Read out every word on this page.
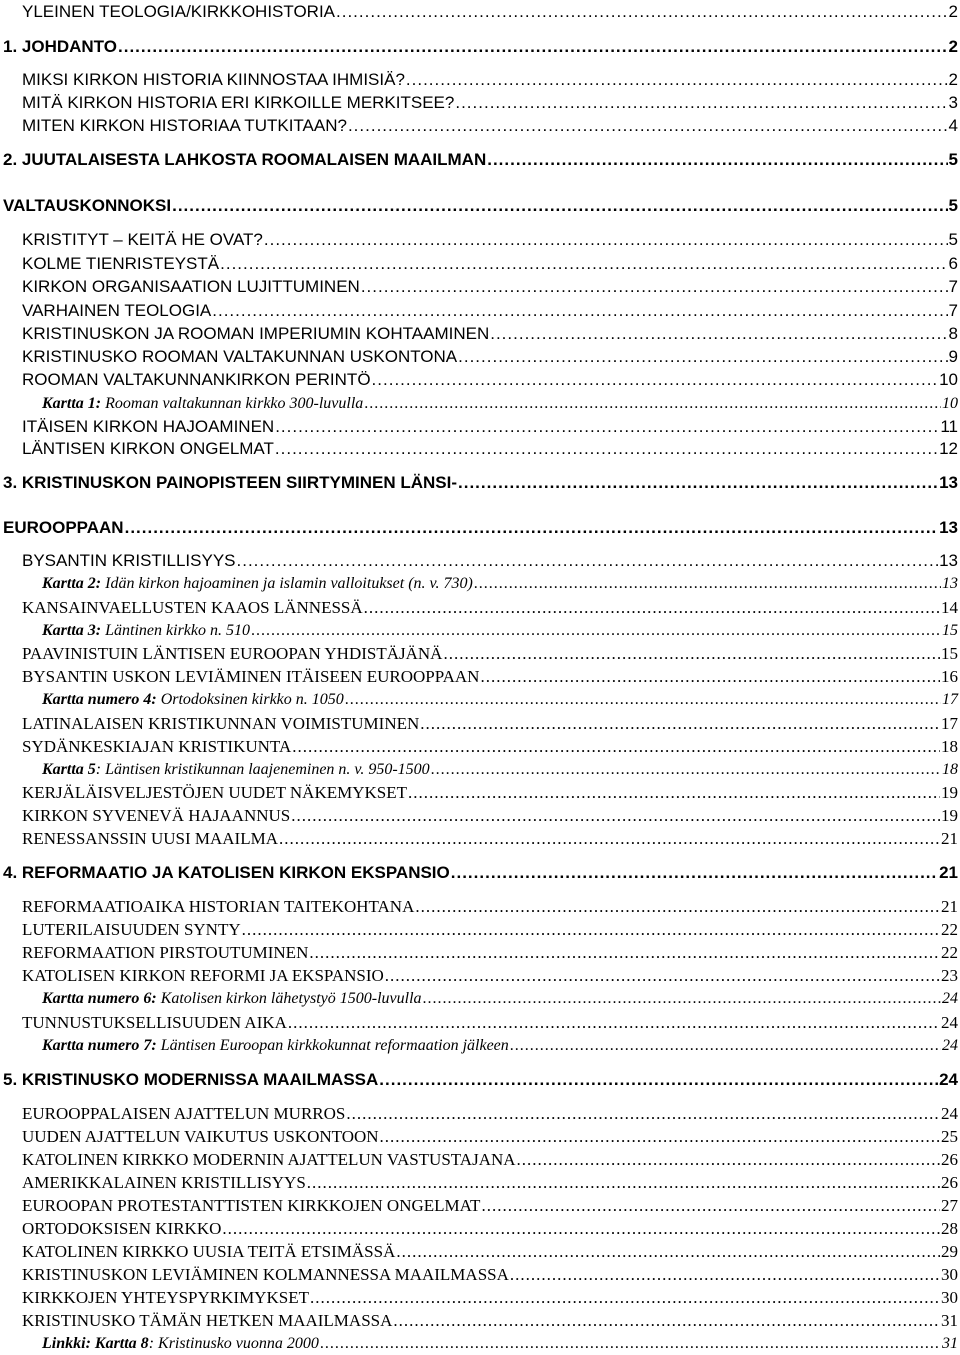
YLEINEN TEOLOGIA/KIRKKOHISTORIA .....	2
1. JOHDANTO .....	2
MIKSI KIRKON HISTORIA KIINNOSTAA IHMISIÄ? .....	2
MITÄ KIRKON HISTORIA ERI KIRKOILLE MERKITSEE? .....	3
MITEN KIRKON HISTORIAA TUTKITAAN? .....	4
2. JUUTALAISESTA LAHKOSTA ROOMALAISEN MAAILMAN .....	5
VALTAUSKONNOKSI .....	5
KRISTITYT – KEITÄ HE OVAT? .....	5
KOLME TIENRISTEYSTÄ .....	6
KIRKON ORGANISAATION LUJITTUMINEN .....	7
VARHAINEN TEOLOGIA .....	7
KRISTINUSKON JA ROOMAN IMPERIUMIN KOHTAAMINEN .....	8
KRISTINUSKO ROOMAN VALTAKUNNAN USKONTONA .....	9
ROOMAN VALTAKUNNANKIRKON PERINTÖ .....	10
Kartta 1: Rooman valtakunnan kirkko 300-luvulla .....	10
ITÄISEN KIRKON HAJOAMINEN .....	11
LÄNTISEN KIRKON ONGELMAT .....	12
3. KRISTINUSKON PAINOPISTEEN SIIRTYMINEN LÄNSI- .....	13
EUROOPPAAN .....	13
BYSANTIN KRISTILLISYYS .....	13
Kartta 2: Idän kirkon hajoaminen ja islamin valloitukset (n. v. 730) .....	13
KANSAINVAELLUSTEN KAAOS LÄNNESSÄ .....	14
Kartta 3: Läntinen kirkko n. 510 .....	15
PAAVINISTUIN LÄNTISEN EUROOPAN YHDISTÄJÄNÄ .....	15
BYSANTIN USKON LEVIÄMINEN ITÄISEEN EUROOPPAAN .....	16
Kartta numero 4: Ortodoksinen kirkko n. 1050 .....	17
LATINALAISEN KRISTIKUNNAN VOIMISTUMINEN .....	17
SYDÄNKESKIAJAN KRISTIKUNTA .....	18
Kartta 5: Läntisen kristikunnan laajeneminen n. v. 950-1500 .....	18
KERJÄLÄISVELJESTÖJEN UUDET NÄKEMYKSET .....	19
KIRKON SYVENEVÄ HAJAANNUS .....	19
RENESSANSSIN UUSI MAAILMA .....	21
4. REFORMAATIO JA KATOLISEN KIRKON EKSPANSIO .....	21
REFORMAATIOAIKA HISTORIAN TAITEKOHTANA .....	21
LUTERILAISUUDEN SYNTY .....	22
REFORMAATION PIRSTOUTUMINEN .....	22
KATOLISEN KIRKON REFORMI JA EKSPANSIO .....	23
Kartta numero 6: Katolisen kirkon lähetystyö 1500-luvulla .....	24
TUNNUSTUKSELLISUUDEN AIKA .....	24
Kartta numero 7: Läntisen Euroopan kirkkokunnat reformaation jälkeen .....	24
5. KRISTINUSKO MODERNISSA MAAILMASSA .....	24
EUROOPPALAISEN AJATTELUN MURROS .....	24
UUDEN AJATTELUN VAIKUTUS USKONTOON .....	25
KATOLINEN KIRKKO MODERNIN AJATTELUN VASTUSTAJANA .....	26
AMERIKKALAINEN KRISTILLISYYS .....	26
EUROOPAN PROTESTANTTISTEN KIRKKOJEN ONGELMAT .....	27
ORTODOKSISEN KIRKKO .....	28
KATOLINEN KIRKKO UUSIA TEITÄ ETSIMÄSSÄ .....	29
KRISTINUSKON LEVIÄMINEN KOLMANNESSA MAAILMASSA .....	30
KIRKKOJEN YHTEYSPYRKIMYKSET .....	30
KRISTINUSKO TÄMÄN HETKEN MAAILMASSA .....	31
Linkki: Kartta 8: Kristinusko vuonna 2000 .....	31
